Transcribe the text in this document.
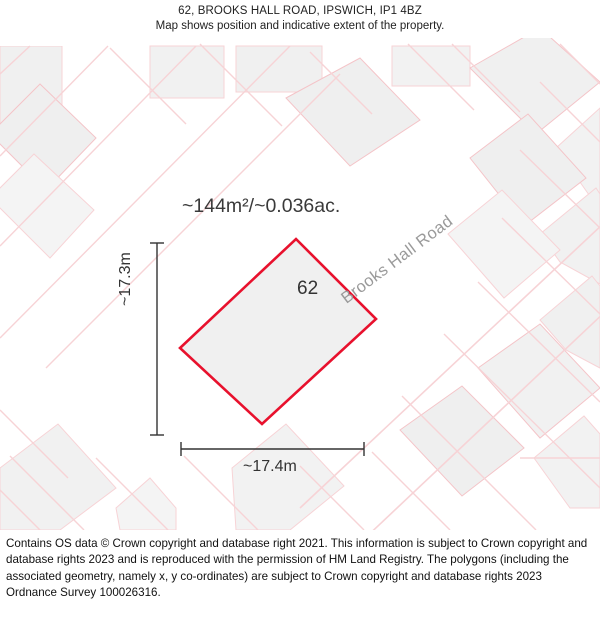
62, BROOKS HALL ROAD, IPSWICH, IP1 4BZ
Map shows position and indicative extent of the property.
~144m²/~0.036ac.
62 Brooks Hall Road
~17.3m
~17.4m
Contains OS data © Crown copyright and database right 2021. This information is subject to Crown copyright and database rights 2023 and is reproduced with the permission of HM Land Registry. The polygons (including the associated geometry, namely x, y co-ordinates) are subject to Crown copyright and database rights 2023 Ordnance Survey 100026316.
